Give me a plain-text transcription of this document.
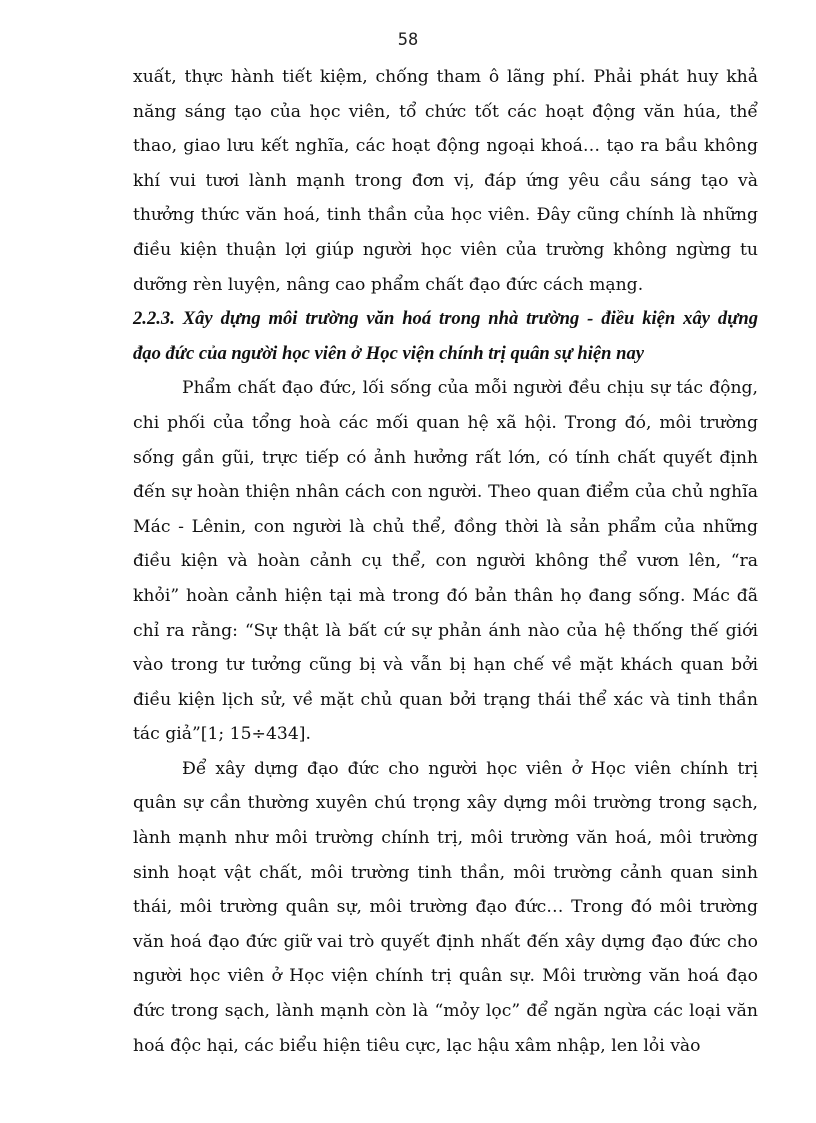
58
xuất, thực hành tiết kiệm, chống tham ô lãng phí. Phải phát huy khả
năng sáng tạo của học viên, tổ chức tốt các hoạt động văn húa, thể
thao, giao lưu kết nghĩa, các hoạt động ngoại khoá… tạo ra bầu không
khí vui tươi lành mạnh trong đơn vị, đáp ứng yêu cầu sáng tạo và
thưởng thức văn hoá, tinh thần của học viên. Đây cũng chính là những
điều kiện thuận lợi giúp người học viên của trường không ngừng tu
dưỡng rèn luyện, nâng cao phẩm chất đạo đức cách mạng.
2.2.3. Xây dựng môi trường văn hoá trong nhà trường - điều kiện xây dựng
đạo đức của người học viên ở Học viện chính trị quân sự hiện nay
Phẩm chất đạo đức, lối sống của mỗi người đều chịu sự tác động,
chi phối của tổng hoà các mối quan hệ xã hội. Trong đó, môi trường
sống gần gũi, trực tiếp có ảnh hưởng rất lớn, có tính chất quyết định
đến sự hoàn thiện nhân cách con người. Theo quan điểm của chủ nghĩa
Mác - Lênin, con người là chủ thể, đồng thời là sản phẩm của những
điều kiện và hoàn cảnh cụ thể, con người không thể vươn lên, “ra
khỏi” hoàn cảnh hiện tại mà trong đó bản thân họ đang sống. Mác đã
chỉ ra rằng: “Sự thật là bất cứ sự phản ánh nào của hệ thống thế giới
vào trong tư tưởng cũng bị và vẫn bị hạn chế về mặt khách quan bởi
điều kiện lịch sử, về mặt chủ quan bởi trạng thái thể xác và tinh thần
tác giả”[1; 15÷434].
Để xây dựng đạo đức cho người học viên ở Học viên chính trị
quân sự cần thường xuyên chú trọng xây dựng môi trường trong sạch,
lành mạnh như môi trường chính trị, môi trường văn hoá, môi trường
sinh hoạt vật chất, môi trường tinh thần, môi trường cảnh quan sinh
thái, môi trường quân sự, môi trường đạo đức… Trong đó môi trường
văn hoá đạo đức giữ vai trò quyết định nhất đến xây dựng đạo đức cho
người học viên ở Học viện chính trị quân sự. Môi trường văn hoá đạo
đức trong sạch, lành mạnh còn là “mỏy lọc” để ngăn ngừa các loại văn
hoá độc hại, các biểu hiện tiêu cực, lạc hậu xâm nhập, len lỏi vào
